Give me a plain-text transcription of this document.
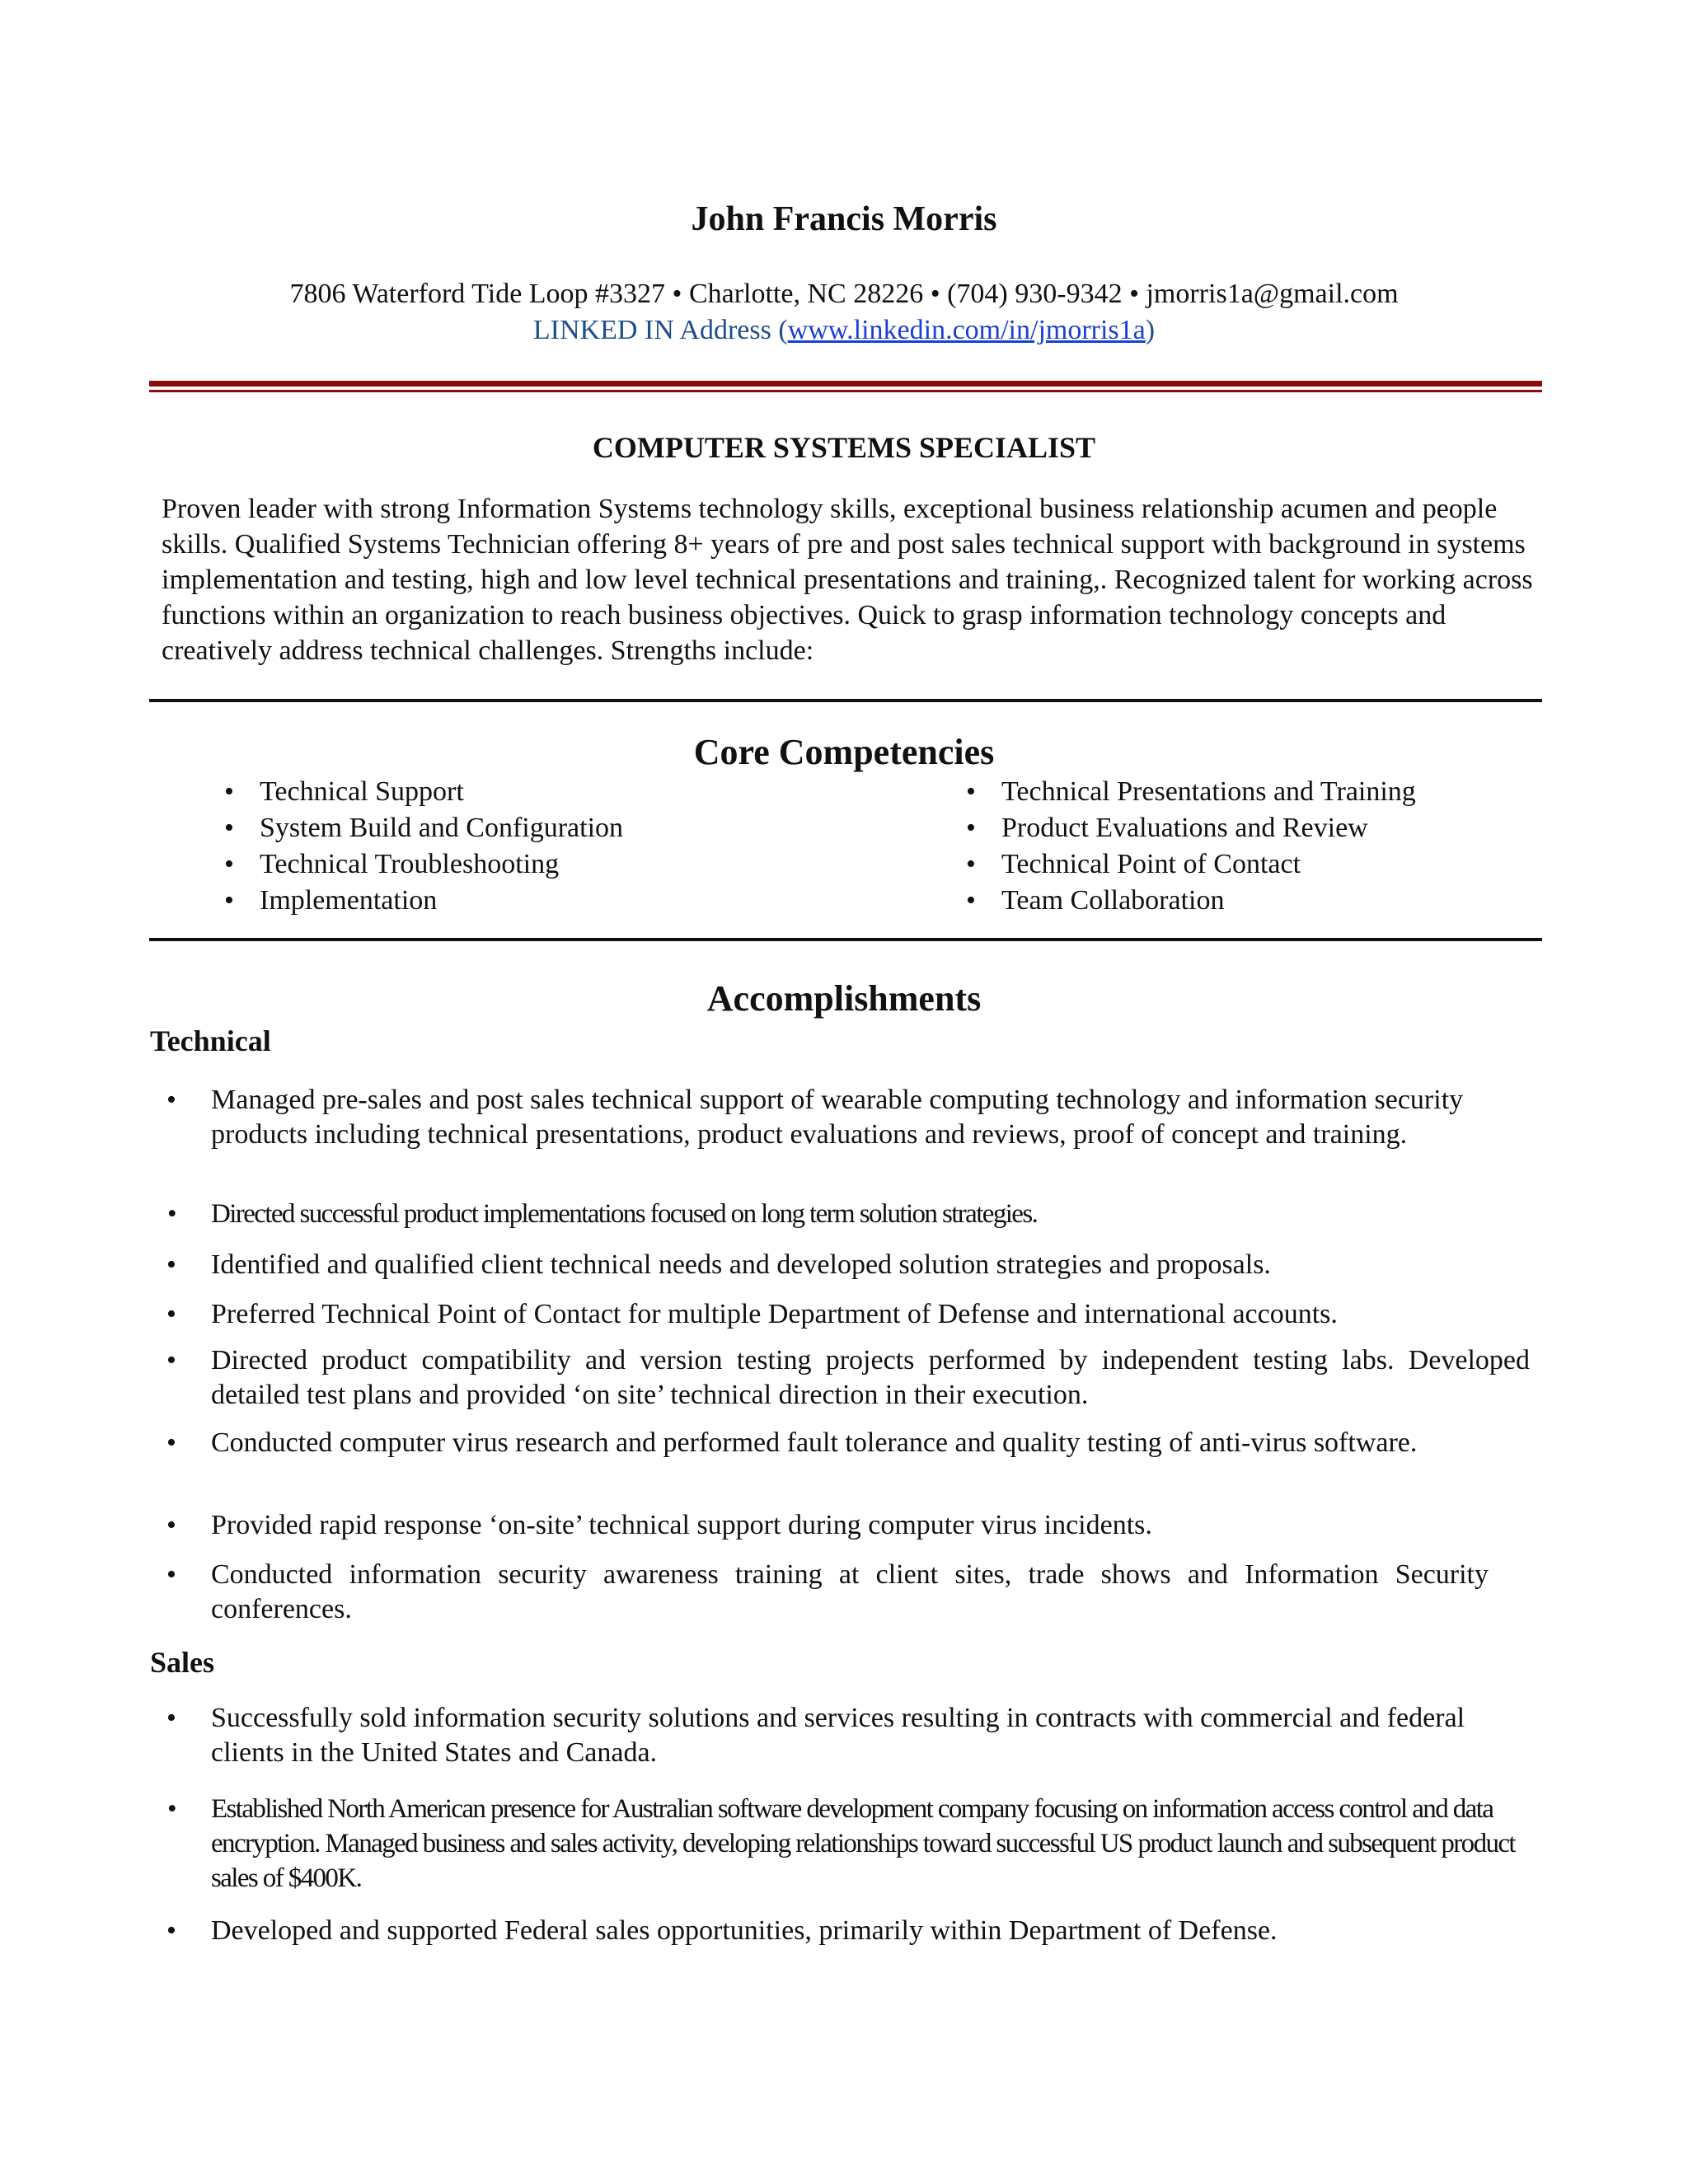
John Francis Morris
7806 Waterford Tide Loop #3327 • Charlotte, NC 28226 • (704) 930-9342 • jmorris1a@gmail.com
LINKED IN Address (www.linkedin.com/in/jmorris1a)
COMPUTER SYSTEMS SPECIALIST

Proven leader with strong Information Systems technology skills, exceptional business relationship acumen and people skills. Qualified Systems Technician offering 8+ years of pre and post sales technical support with background in systems implementation and testing, high and low level technical presentations and training,. Recognized talent for working across functions within an organization to reach business objectives. Quick to grasp information technology concepts and creatively address technical challenges. Strengths include:

Core Competencies
• Technical Support
• System Build and Configuration
• Technical Troubleshooting
• Implementation
• Technical Presentations and Training
• Product Evaluations and Review
• Technical Point of Contact
• Team Collaboration
Accomplishments
Technical
• Managed pre-sales and post sales technical support of wearable computing technology and information security products including technical presentations, product evaluations and reviews, proof of concept and training.
• Directed successful product implementations focused on long term solution strategies.
• Identified and qualified client technical needs and developed solution strategies and proposals.
• Preferred Technical Point of Contact for multiple Department of Defense and international accounts.
• Directed product compatibility and version testing projects performed by independent testing labs. Developed detailed test plans and provided ‘on site’ technical direction in their execution.
• Conducted computer virus research and performed fault tolerance and quality testing of anti-virus software.
• Provided rapid response ‘on-site’ technical support during computer virus incidents.
• Conducted information security awareness training at client sites, trade shows and Information Security conferences.
Sales
• Successfully sold information security solutions and services resulting in contracts with commercial and federal clients in the United States and Canada.
• Established North American presence for Australian software development company focusing on information access control and data encryption. Managed business and sales activity, developing relationships toward successful US product launch and subsequent product sales of $400K.
• Developed and supported Federal sales opportunities, primarily within Department of Defense.
